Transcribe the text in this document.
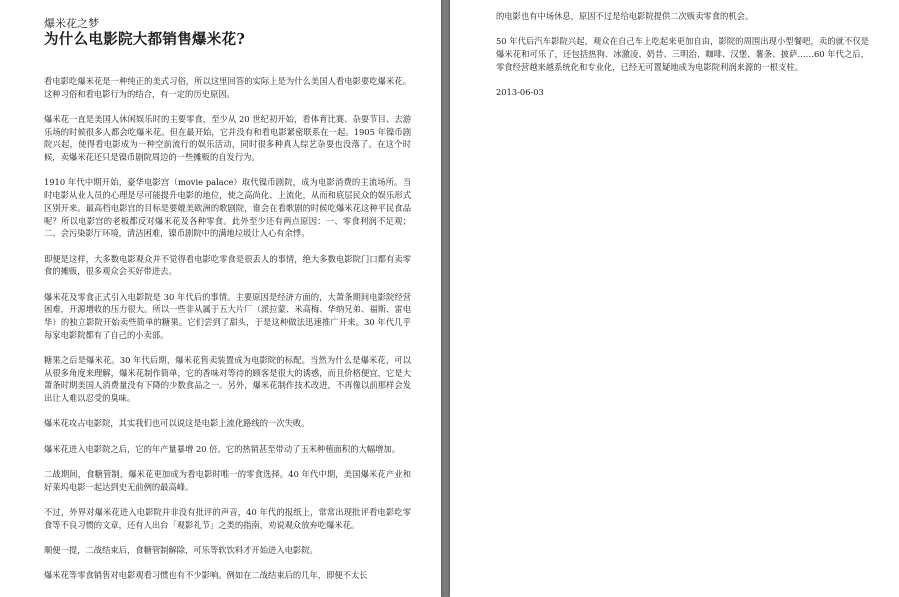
爆米花之梦

为什么电影院大都销售爆米花?

看电影吃爆米花是一种纯正的美式习俗，所以这里回答的实际上是为什么美国人看电影要吃爆米花。这种习俗和看电影行为的结合，有一定的历史原因。

爆米花一直是美国人休闲娱乐时的主要零食，至少从 20 世纪初开始，看体育比赛、杂耍节目、去游乐场的时候很多人都会吃爆米花。但在最开始，它并没有和看电影紧密联系在一起。1905 年镍币剧院兴起，使得看电影成为一种空前流行的娱乐活动，同时很多种真人综艺杂耍也没落了。在这个时候，卖爆米花还只是镍币剧院周边的一些摊贩的自发行为。

1910 年代中期开始，豪华电影宫（movie palace）取代镍币剧院，成为电影消费的主流场所。当时电影从业人员的心理是尽可能提升电影的地位，使之高尚化、上流化，从而和底层民众的娱乐形式区别开来。最高档电影宫的目标是要媲美欧洲的歌剧院，谁会在看歌剧的时候吃爆米花这种平民食品呢？所以电影宫的老板都反对爆米花及各种零食。此外至少还有两点原因：一、零食利润不足观；二、会污染影厅环境，清洁困难，镍币剧院中的满地垃圾让人心有余悸。

即便是这样，大多数电影观众并不觉得看电影吃零食是很丢人的事情，绝大多数电影院门口都有卖零食的摊贩，很多观众会买好带进去。

爆米花及零食正式引入电影院是 30 年代后的事情。主要原因是经济方面的，大萧条期间电影院经营困难，开源增收的压力很大。所以一些非从属于五大片厂（派拉蒙、米高梅、华纳兄弟、福斯、雷电华）的独立影院开始卖些简单的糖果。它们尝到了甜头，于是这种做法迅速推广开来。30 年代几乎每家电影院都有了自己的小卖部。

糖果之后是爆米花。30 年代后期，爆米花售卖装置成为电影院的标配。当然为什么是爆米花，可以从很多角度来理解，爆米花制作简单，它的香味对等待的顾客是很大的诱惑，而且价格便宜，它是大萧条时期美国人消费量没有下降的少数食品之一。另外，爆米花制作技术改进，不再像以前那样会发出让人难以忍受的臭味。

爆米花攻占电影院，其实我们也可以说这是电影上流化路线的一次失败。

爆米花进入电影院之后，它的年产量暴增 20 倍。它的热销甚至带动了玉米种植面积的大幅增加。

二战期间，食糖管制，爆米花更加成为看电影时唯一的零食选择。40 年代中期，美国爆米花产业和好莱坞电影一起达到史无前例的最高峰。

不过，外界对爆米花进入电影院并非没有批评的声音，40 年代的报纸上，常常出现批评看电影吃零食等不良习惯的文章，还有人出台「观影礼节」之类的指南，劝说观众放弃吃爆米花。

顺便一提，二战结束后，食糖管制解除，可乐等软饮料才开始进入电影院。

爆米花等零食销售对电影观看习惯也有不少影响。例如在二战结束后的几年，即便不太长

的电影也有中场休息，原因不过是给电影院提供二次贩卖零食的机会。

50 年代后汽车影院兴起，观众在自己车上吃起来更加自由，影院的周围出现小型餐吧，卖的就不仅是爆米花和可乐了，还包括热狗、冰激凌、奶昔、三明治、咖啡、汉堡、薯条、披萨……60 年代之后，零食经营越来越系统化和专业化，已经无可置疑地成为电影院利润来源的一根支柱。

2013-06-03
